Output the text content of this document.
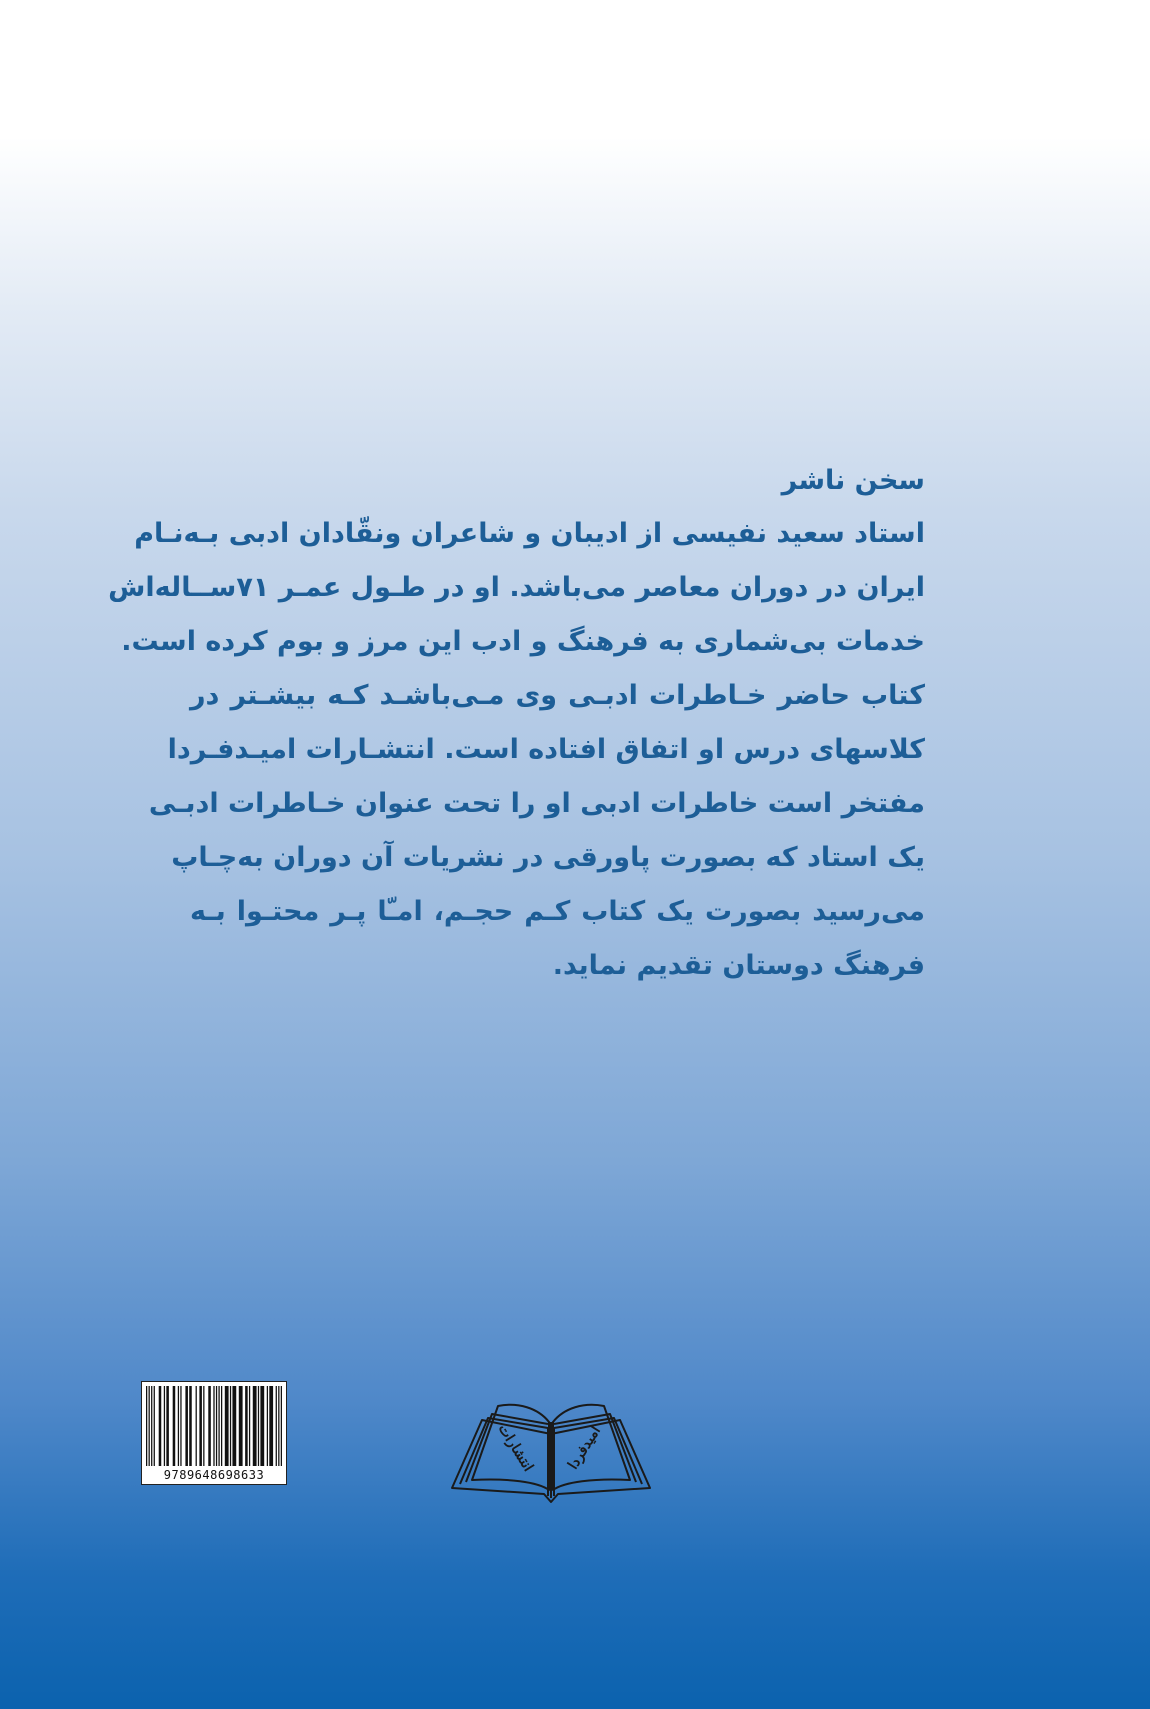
سخن ناشر

استاد سعید نفیسی از ادیبان و شاعران ونقّادان ادبی بـه‌نـام

ایران در دوران معاصر می‌باشد. او در طـول عمـر ۷۱ســاله‌اش

خدمات بی‌شماری به فرهنگ و ادب این مرز و بوم کرده است.

کتاب حاضر خـاطرات ادبـی وی مـی‌باشـد کـه بیشـتر در

کلاسهای درس او اتفاق افتاده است. انتشـارات امیـدفـردا

مفتخر است خاطرات ادبی او را تحت عنوان خـاطرات ادبـی

یک استاد که بصورت پاورقی در نشریات آن دوران به‌چـاپ

می‌رسید بصورت یک کتاب کـم حجـم، امـّا پـر محتـوا بـه

فرهنگ دوستان تقدیم نماید.

9789648698633
انتشارات امیدفردا
